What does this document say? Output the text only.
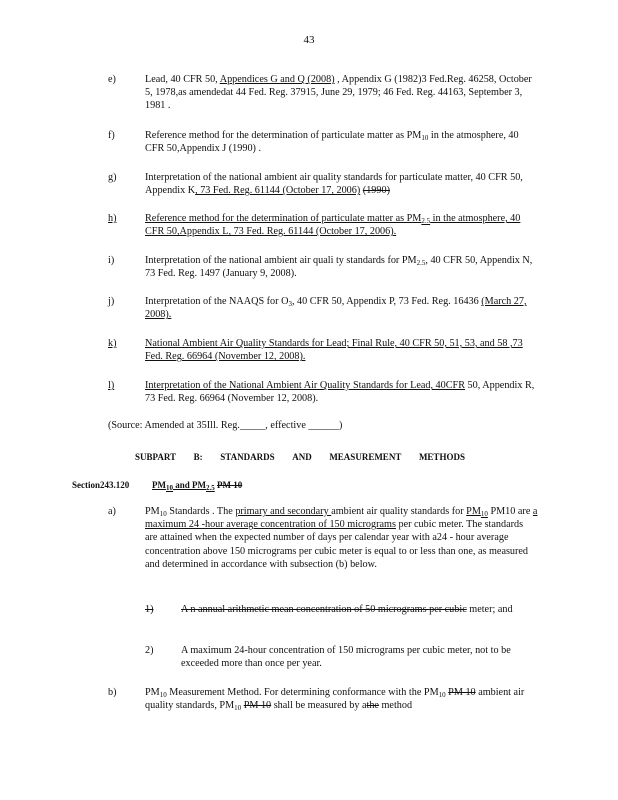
43
e)	Lead, 40 CFR 50, Appendices G and Q (2008) , Appendix G (1982)3 Fed.Reg. 46258, October 5, 1978,as amendedat 44 Fed. Reg. 37915, June 29, 1979; 46 Fed. Reg. 44163, September 3, 1981 .
f)	Reference method for the determination of particulate matter as $PM_{10}$ in the atmosphere, 40 CFR 50,Appendix J (1990) .
g)	Interpretation of the national ambient air quality standards for particulate matter, 40 CFR 50, Appendix K, 73 Fed. Reg. 61144 (October 17, 2006) (1990)
h)	Reference method for the determination of particulate matter as $PM_{2.5}$ in the atmosphere, 40 CFR 50,Appendix L, 73 Fed. Reg. 61144 (October 17, 2006).
i)	Interpretation of the national ambient air quali ty standards for $PM_{2.5}$, 40 CFR 50, Appendix N, 73 Fed. Reg. 1497 (January 9, 2008).
j)	Interpretation of the NAAQS for $O_3$, 40 CFR 50, Appendix P, 73 Fed. Reg. 16436 (March 27, 2008).
k)	National Ambient Air Quality Standards for Lead; Final Rule, 40 CFR 50, 51, 53, and 58 ,73 Fed. Reg. 66964 (November 12, 2008).
l)	Interpretation of the National Ambient Air Quality Standards for Lead, 40CFR 50, Appendix R, 73 Fed. Reg. 66964 (November 12, 2008).
(Source: Amended at 35Ill. Reg._____, effective ______)
SUBPART B: STANDARDS AND MEASUREMENT METHODS
Section 243.120	$PM_{10}$ and $PM_{2.5}$ PM 10
a)	$PM_{10}$ Standards . The primary and secondary ambient air quality standards for $PM_{10}$ PM10 are a maximum 24 -hour average concentration of 150 micrograms per cubic meter. The standards are attained when the expected number of days per calendar year with a24 - hour average concentration above 150 micrograms per cubic meter is equal to or less than one, as measured and determined in accordance with subsection (b) below.
1)	A n annual arithmetic mean concentration of 50 micrograms per cubic meter; and
2)	A maximum 24-hour concentration of 150 micrograms per cubic meter, not to be exceeded more than once per year.
b)	$PM_{10}$ Measurement Method. For determining conformance with the $PM_{10}$ PM 10 ambient air quality standards, $PM_{10}$ PM 10 shall be measured by athe method
